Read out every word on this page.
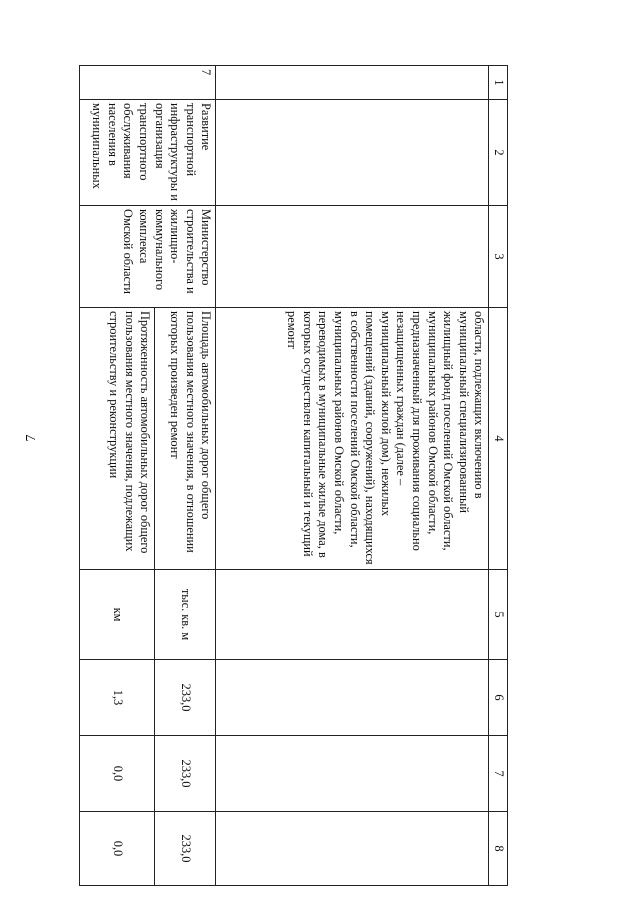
7
1	2	3	4	5	6	7	8
			области, подлежащих включению в муниципальный специализированный жилищный фонд поселений Омской области, муниципальных районов Омской области, предназначенный для проживания социально незащищенных граждан (далее – муниципальный жилой дом), нежилых помещений (зданий, сооружений), находящихся в собственности поселений Омской области, муниципальных районов Омской области, переводимых в муниципальные жилые дома, в которых осуществлен капитальный и текущий ремонт				
7	Развитие транспортной инфраструктуры и организация транспортного обслуживания населения в муниципальных	Министерство строительства и жилищно-коммунального комплекса Омской области	Площадь автомобильных дорог общего пользования местного значения, в отношении которых произведен ремонт	тыс. кв. м	233,0	233,0	233,0
			Протяженность автомобильных дорог общего пользования местного значения, подлежащих строительству и реконструкции	км	1,3	0,0	0,0
